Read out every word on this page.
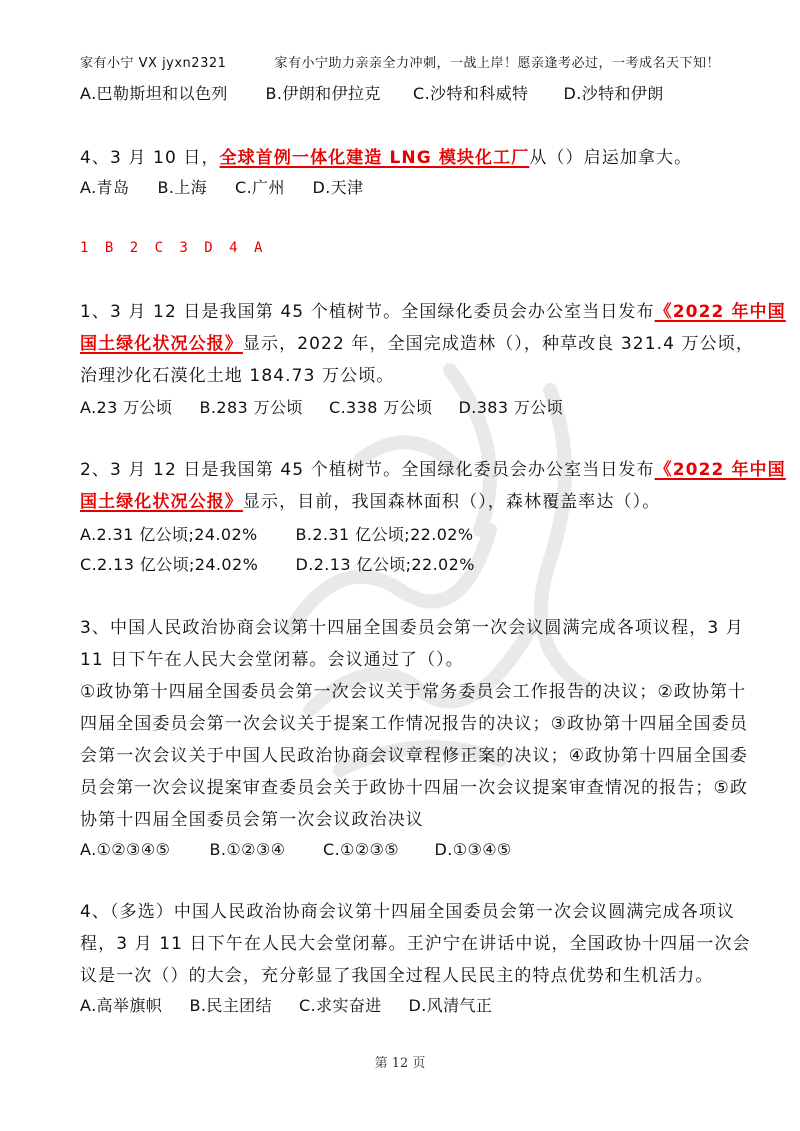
家有小宁 VX jyxn2321	家有小宁助力亲亲全力冲刺，一战上岸！愿亲逢考必过，一考成名天下知！
A.巴勒斯坦和以色列 B.伊朗和伊拉克 C.沙特和科威特 D.沙特和伊朗
4、3 月 10 日，全球首例一体化建造 LNG 模块化工厂从（）启运加拿大。
A.青岛 B.上海 C.广州 D.天津
1 B 2 C 3 D 4 A
1、3 月 12 日是我国第 45 个植树节。全国绿化委员会办公室当日发布《2022 年中国
国土绿化状况公报》显示，2022 年，全国完成造林（），种草改良 321.4 万公顷，
治理沙化石漠化土地 184.73 万公顷。
A.23 万公顷 B.283 万公顷 C.338 万公顷 D.383 万公顷
2、3 月 12 日是我国第 45 个植树节。全国绿化委员会办公室当日发布《2022 年中国
国土绿化状况公报》显示，目前，我国森林面积（），森林覆盖率达（）。
A.2.31 亿公顷;24.02% B.2.31 亿公顷;22.02%
C.2.13 亿公顷;24.02% D.2.13 亿公顷;22.02%
3、中国人民政治协商会议第十四届全国委员会第一次会议圆满完成各项议程，3 月
11 日下午在人民大会堂闭幕。会议通过了（）。
①政协第十四届全国委员会第一次会议关于常务委员会工作报告的决议；②政协第十
四届全国委员会第一次会议关于提案工作情况报告的决议；③政协第十四届全国委员
会第一次会议关于中国人民政治协商会议章程修正案的决议；④政协第十四届全国委
员会第一次会议提案审查委员会关于政协十四届一次会议提案审查情况的报告；⑤政
协第十四届全国委员会第一次会议政治决议
A.①②③④⑤ B.①②③④ C.①②③⑤ D.①③④⑤
4、（多选）中国人民政治协商会议第十四届全国委员会第一次会议圆满完成各项议
程，3 月 11 日下午在人民大会堂闭幕。王沪宁在讲话中说，全国政协十四届一次会
议是一次（）的大会，充分彰显了我国全过程人民民主的特点优势和生机活力。
A.高举旗帜 B.民主团结 C.求实奋进 D.风清气正
第 12 页
